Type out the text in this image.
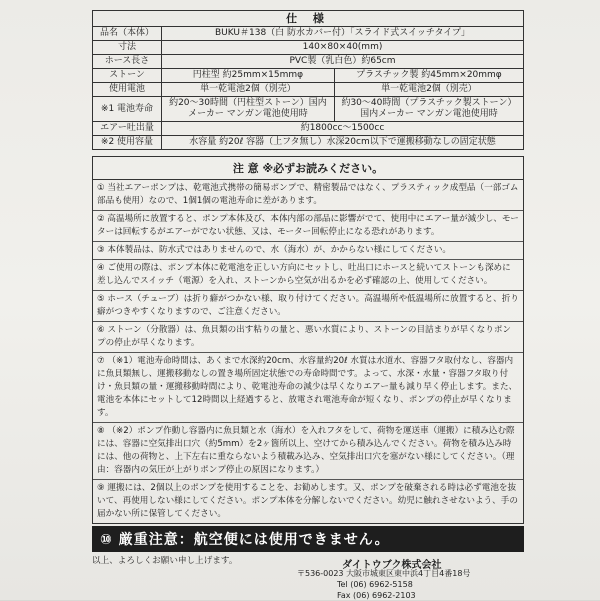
仕 様		
品名（本体）	BUKU＃138（白 防水カバー付）「スライド式スイッチタイプ」	
寸法	140×80×40(mm)	
ホース長さ	PVC製（乳白色）約65cm	
ストーン	円柱型 約25mm×15mmφ	プラスチック製 約45mm×20mmφ
使用電池	単一乾電池2個（別売）	単一乾電池2個（別売）
※1 電池寿命	約20～30時間（円柱型ストーン）国内メーカー マンガン電池使用時	約30～40時間（プラスチック製ストーン）国内メーカー マンガン電池使用時
エアー吐出量	約1800cc～1500cc	
※2 使用容量	水容量 約20ℓ 容器（上フタ無し）水深20cm以下で運搬移動なしの固定状態	
注 意 ※必ずお読みください。
① 当社エアーポンプは、乾電池式携帯の簡易ポンプで、精密製品ではなく、プラスティック成型品（一部ゴム部品も使用）なので、1個1個の電池寿命に差があります。
② 高温場所に放置すると、ポンプ本体及び、本体内部の部品に影響がでて、使用中にエアー量が減少し、モーターは回転するがエアーがでない状態、又は、モーター回転停止になる恐れがあります。
③ 本体製品は、防水式ではありませんので、水（海水）が、かからない様にしてください。
④ ご使用の際は、ポンプ本体に乾電池を正しい方向にセットし、吐出口にホースと続いてストーンも深めに差し込んでスイッチ（電源）を入れ、ストーンから空気が出るかを必ず確認の上、使用してください。
⑤ ホース（チューブ）は折り癖がつかない様、取り付けてください。高温場所や低温場所に放置すると、折り癖がつきやすくなりますので、ご注意ください。
⑥ ストーン（分散器）は、魚貝類の出す粘りの量と、悪い水質により、ストーンの目詰まりが早くなりポンプの停止が早くなります。
⑦ （※1）電池寿命時間は、あくまで水深約20cm、水容量約20ℓ 水質は水道水、容器フタ取付なし、容器内に魚貝類無し、運搬移動なしの置き場所固定状態での寿命時間です。よって、水深・水量・容器フタ取り付け・魚貝類の量・運搬移動時間により、乾電池寿命の減少は早くなりエアー量も減り早く停止します。また、電池を本体にセットして12時間以上経過すると、放電され電池寿命が短くなり、ポンプの停止が早くなります。
⑧ （※2）ポンプ作動し容器内に魚貝類と水（海水）を入れフタをして、荷物を運送車（運搬）に積み込む際には、容器に空気排出口穴（約5mm）を2ヶ箇所以上、空けてから積み込んでください。荷物を積み込み時には、他の荷物と、上下左右に重ならないよう積載み込み、空気排出口穴を塞がない様にしてください。（理由：容器内の気圧が上がりポンプ停止の原因になります。）
⑨ 運搬には、2個以上のポンプを使用することを、お勧めします。又、ポンプを破棄される時は必ず電池を抜いて、再使用しない様にしてください。ポンプ本体を分解しないでください。幼児に触れさせないよう、手の届かない所に保管してください。
⑩ 厳重注意：航空便には使用できません。
以上、よろしくお願い申し上げます。	ダイトウブク株式会社
〒536-0023 大阪市城東区東中浜4丁目4番18号
Tel (06) 6962-5158
Fax (06) 6962-2103
